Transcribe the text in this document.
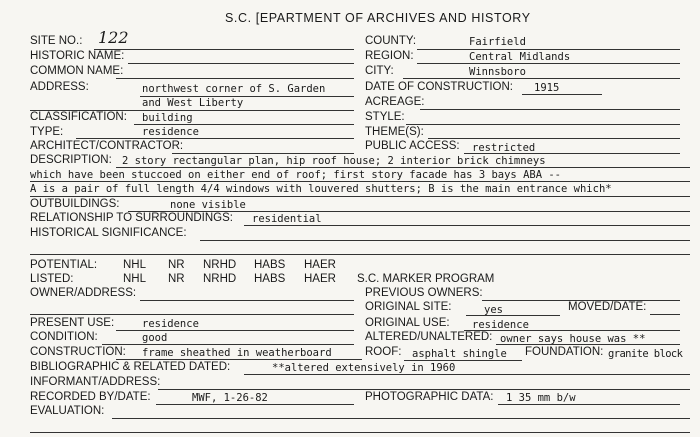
S.C. [EPARTMENT OF ARCHIVES AND HISTORY
SITE NO.: 122
HISTORIC NAME:
COMMON NAME:
ADDRESS:	northwest corner of S. Garden
and West Liberty
CLASSIFICATION: building
TYPE:	residence
ARCHITECT/CONTRACTOR:
COUNTY:	Fairfield
REGION:	Central Midlands
CITY:	Winnsboro
DATE OF CONSTRUCTION: 1915
ACREAGE:
STYLE:
THEME(S):
PUBLIC ACCESS: restricted
DESCRIPTION: 2 story rectangular plan, hip roof house; 2 interior brick chimneys
which have been stuccoed on either end of roof; first story facade has 3 bays ABA --
A is a pair of full length 4/4 windows with louvered shutters; B is the main entrance which*
OUTBUILDINGS:	none visible
RELATIONSHIP TO SURROUNDINGS: residential
HISTORICAL SIGNIFICANCE:
POTENTIAL: NHL NR NRHD HABS HAER
LISTED:	NHL NR NRHD HABS HAER S.C. MARKER PROGRAM
OWNER/ADDRESS:	PREVIOUS OWNERS:
ORIGINAL SITE:	yes	MOVED/DATE:
PRESENT USE:	residence	ORIGINAL USE: residence
CONDITION:	good	ALTERED/UNALTERED: owner says house was **
CONSTRUCTION: frame sheathed in weatherboard	ROOF: asphalt shingle FOUNDATION: granite block
BIBLIOGRAPHIC & RELATED DATED:	**altered extensively in 1960
INFORMANT/ADDRESS:
RECORDED BY/DATE:	MWF, 1-26-82	PHOTOGRAPHIC DATA: 1 35 mm b/w
EVALUATION:
